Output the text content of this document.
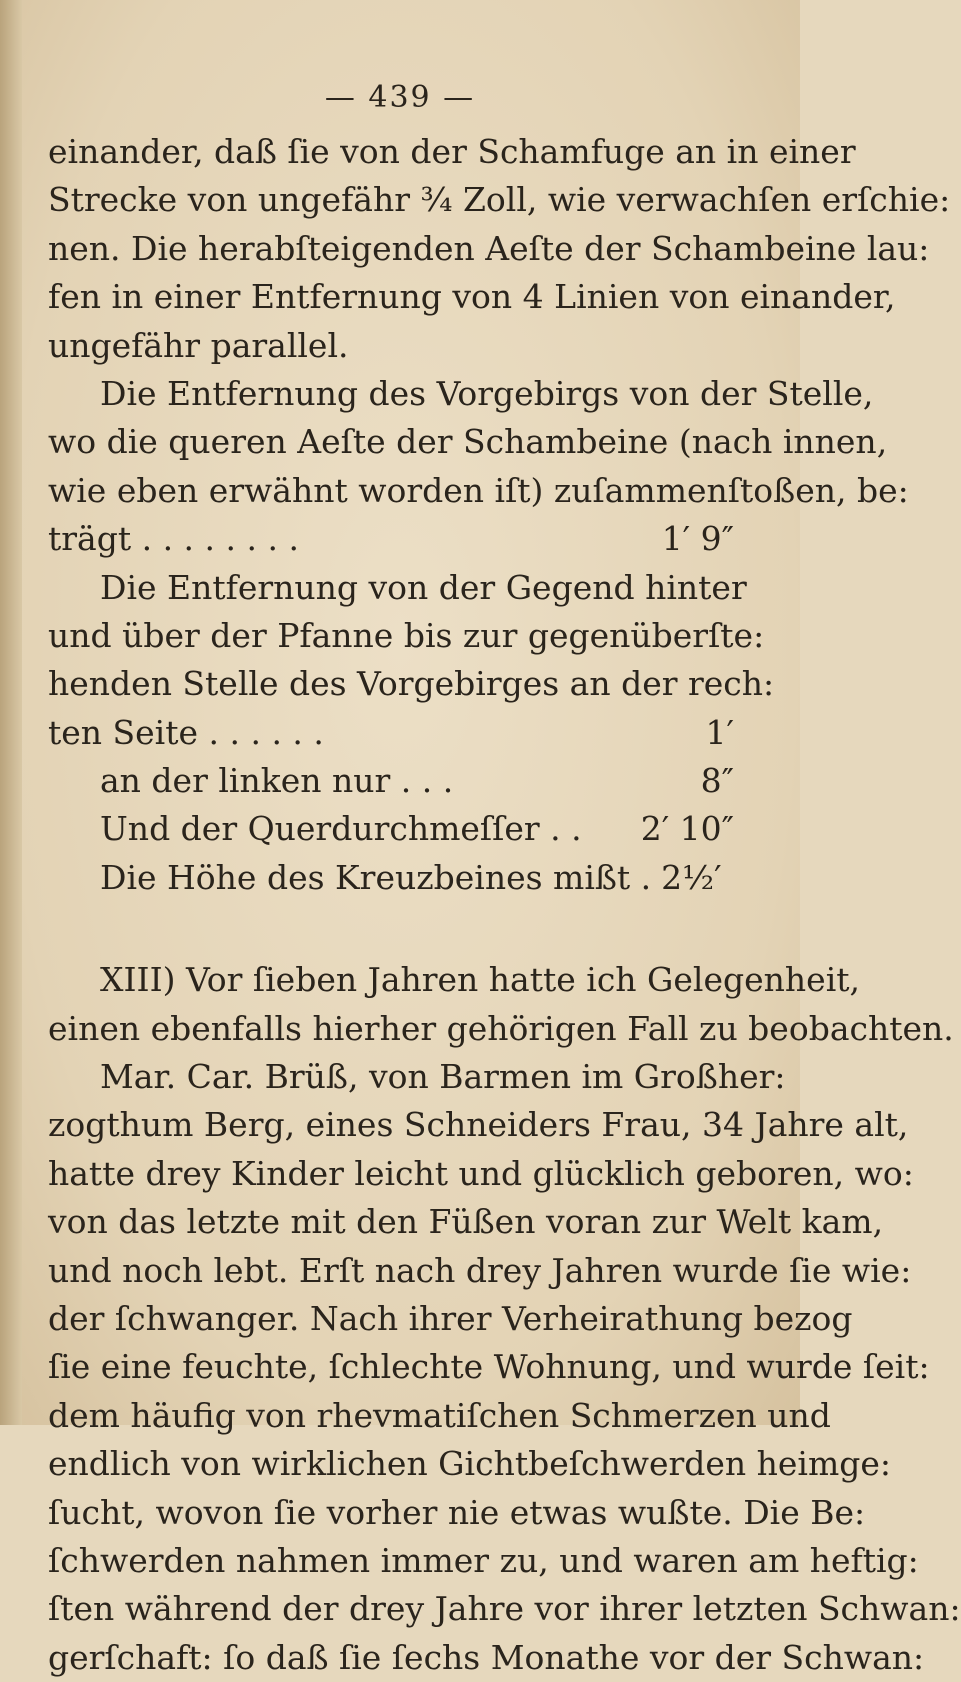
— 439 —
einander, daß ſie von der Schamfuge an in einer
Strecke von ungefähr ¾ Zoll, wie verwachſen erſchie:
nen. Die herabſteigenden Aeſte der Schambeine lau:
fen in einer Entfernung von 4 Linien von einander,
ungefähr parallel.
Die Entfernung des Vorgebirgs von der Stelle,
wo die queren Aeſte der Schambeine (nach innen,
wie eben erwähnt worden iſt) zuſammenſtoßen, be:
trägt . . . . . . . .	1′ 9″
Die Entfernung von der Gegend hinter
und über der Pfanne bis zur gegenüberſte:
henden Stelle des Vorgebirges an der rech:
ten Seite . . . . . .	1′
an der linken nur . . .	8″
Und der Querdurchmeſſer . .	2′ 10″
Die Höhe des Kreuzbeines mißt . 2½′
XIII) Vor ſieben Jahren hatte ich Gelegenheit,
einen ebenfalls hierher gehörigen Fall zu beobachten.
Mar. Car. Brüß, von Barmen im Großher:
zogthum Berg, eines Schneiders Frau, 34 Jahre alt,
hatte drey Kinder leicht und glücklich geboren, wo:
von das letzte mit den Füßen voran zur Welt kam,
und noch lebt. Erſt nach drey Jahren wurde ſie wie:
der ſchwanger. Nach ihrer Verheirathung bezog
ſie eine feuchte, ſchlechte Wohnung, und wurde ſeit:
dem häufig von rhevmatiſchen Schmerzen und
endlich von wirklichen Gichtbeſchwerden heimge:
ſucht, wovon ſie vorher nie etwas wußte. Die Be:
ſchwerden nahmen immer zu, und waren am heftig:
ſten während der drey Jahre vor ihrer letzten Schwan:
gerſchaft: ſo daß ſie ſechs Monathe vor der Schwan:
